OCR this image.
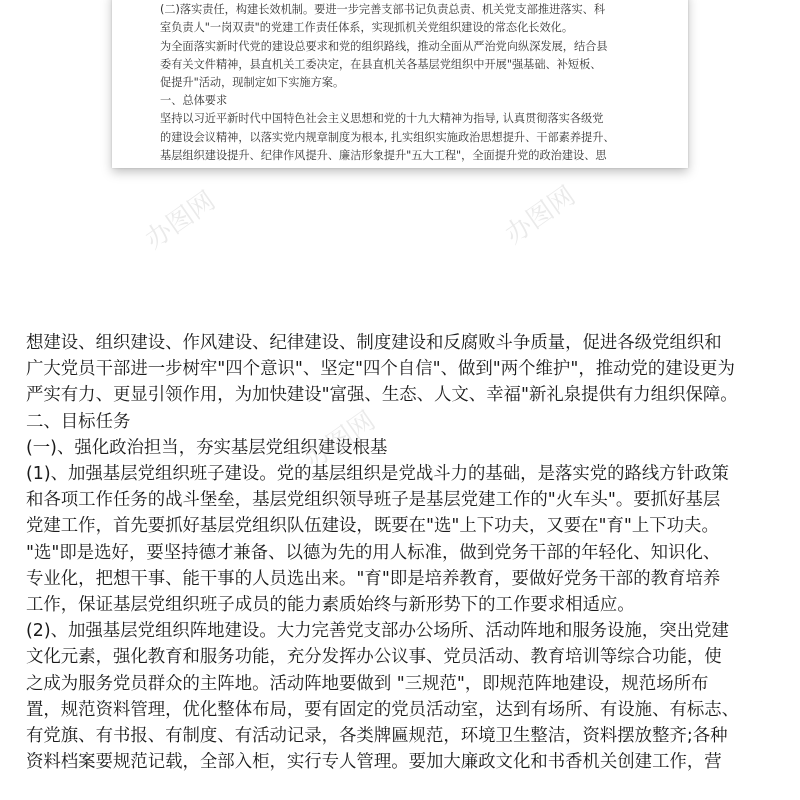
(二)落实责任，构建长效机制。要进一步完善支部书记负责总责、机关党支部推进落实、科

室负责人"一岗双责"的党建工作责任体系，实现抓机关党组织建设的常态化长效化。

为全面落实新时代党的建设总要求和党的组织路线，推动全面从严治党向纵深发展，结合县

委有关文件精神，县直机关工委决定，在县直机关各基层党组织中开展"强基础、补短板、

促提升"活动，现制定如下实施方案。

一、总体要求

坚持以习近平新时代中国特色社会主义思想和党的十九大精神为指导, 认真贯彻落实各级党

的建设会议精神，以落实党内规章制度为根本, 扎实组织实施政治思想提升、干部素养提升、

基层组织建设提升、纪律作风提升、廉洁形象提升"五大工程"，全面提升党的政治建设、思

办图网	办图网

想建设、组织建设、作风建设、纪律建设、制度建设和反腐败斗争质量，促进各级党组织和

广大党员干部进一步树牢"四个意识"、坚定"四个自信"、做到"两个维护"，推动党的建设更为

严实有力、更显引领作用，为加快建设"富强、生态、人文、幸福"新礼泉提供有力组织保障。

二、目标任务

(一)、强化政治担当，夯实基层党组织建设根基

(1)、加强基层党组织班子建设。党的基层组织是党战斗力的基础，是落实党的路线方针政策

和各项工作任务的战斗堡垒，基层党组织领导班子是基层党建工作的"火车头"。要抓好基层

党建工作，首先要抓好基层党组织队伍建设，既要在"选"上下功夫，又要在"育"上下功夫。

"选"即是选好，要坚持德才兼备、以德为先的用人标准，做到党务干部的年轻化、知识化、

专业化，把想干事、能干事的人员选出来。"育"即是培养教育，要做好党务干部的教育培养

工作，保证基层党组织班子成员的能力素质始终与新形势下的工作要求相适应。

(2)、加强基层党组织阵地建设。大力完善党支部办公场所、活动阵地和服务设施，突出党建

文化元素，强化教育和服务功能，充分发挥办公议事、党员活动、教育培训等综合功能，使

之成为服务党员群众的主阵地。活动阵地要做到 "三规范"，即规范阵地建设，规范场所布

置，规范资料管理，优化整体布局，要有固定的党员活动室，达到有场所、有设施、有标志、

有党旗、有书报、有制度、有活动记录，各类牌匾规范，环境卫生整洁，资料摆放整齐;各种

资料档案要规范记载，全部入柜，实行专人管理。要加大廉政文化和书香机关创建工作，营

办图网
